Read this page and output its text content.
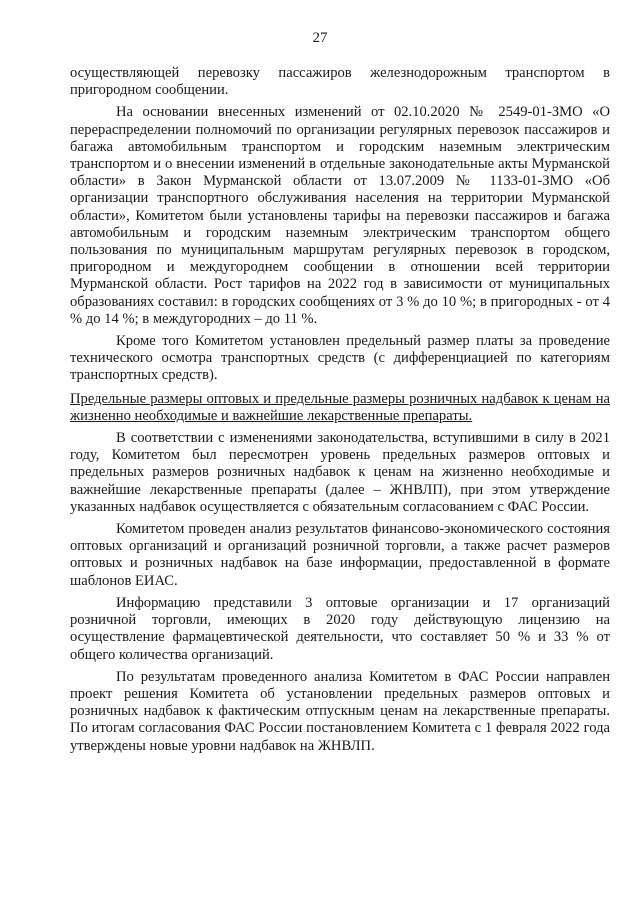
27

осуществляющей перевозку пассажиров железнодорожным транспортом в пригородном сообщении.

На основании внесенных изменений от 02.10.2020 № 2549-01-ЗМО «О перераспределении полномочий по организации регулярных перевозок пассажиров и багажа автомобильным транспортом и городским наземным электрическим транспортом и о внесении изменений в отдельные законодательные акты Мурманской области» в Закон Мурманской области от 13.07.2009 № 1133-01-ЗМО «Об организации транспортного обслуживания населения на территории Мурманской области», Комитетом были установлены тарифы на перевозки пассажиров и багажа автомобильным и городским наземным электрическим транспортом общего пользования по муниципальным маршрутам регулярных перевозок в городском, пригородном и междугороднем сообщении в отношении всей территории Мурманской области. Рост тарифов на 2022 год в зависимости от муниципальных образованиях составил: в городских сообщениях от 3 % до 10 %; в пригородных - от 4 % до 14 %; в междугородних – до 11 %.

Кроме того Комитетом установлен предельный размер платы за проведение технического осмотра транспортных средств (с дифференциацией по категориям транспортных средств).

Предельные размеры оптовых и предельные размеры розничных надбавок к ценам на жизненно необходимые и важнейшие лекарственные препараты.

В соответствии с изменениями законодательства, вступившими в силу в 2021 году, Комитетом был пересмотрен уровень предельных размеров оптовых и предельных размеров розничных надбавок к ценам на жизненно необходимые и важнейшие лекарственные препараты (далее – ЖНВЛП), при этом утверждение указанных надбавок осуществляется с обязательным согласованием с ФАС России.

Комитетом проведен анализ результатов финансово-экономического состояния оптовых организаций и организаций розничной торговли, а также расчет размеров оптовых и розничных надбавок на базе информации, предоставленной в формате шаблонов ЕИАС.

Информацию представили 3 оптовые организации и 17 организаций розничной торговли, имеющих в 2020 году действующую лицензию на осуществление фармацевтической деятельности, что составляет 50 % и 33 % от общего количества организаций.

По результатам проведенного анализа Комитетом в ФАС России направлен проект решения Комитета об установлении предельных размеров оптовых и розничных надбавок к фактическим отпускным ценам на лекарственные препараты. По итогам согласования ФАС России постановлением Комитета с 1 февраля 2022 года утверждены новые уровни надбавок на ЖНВЛП.
